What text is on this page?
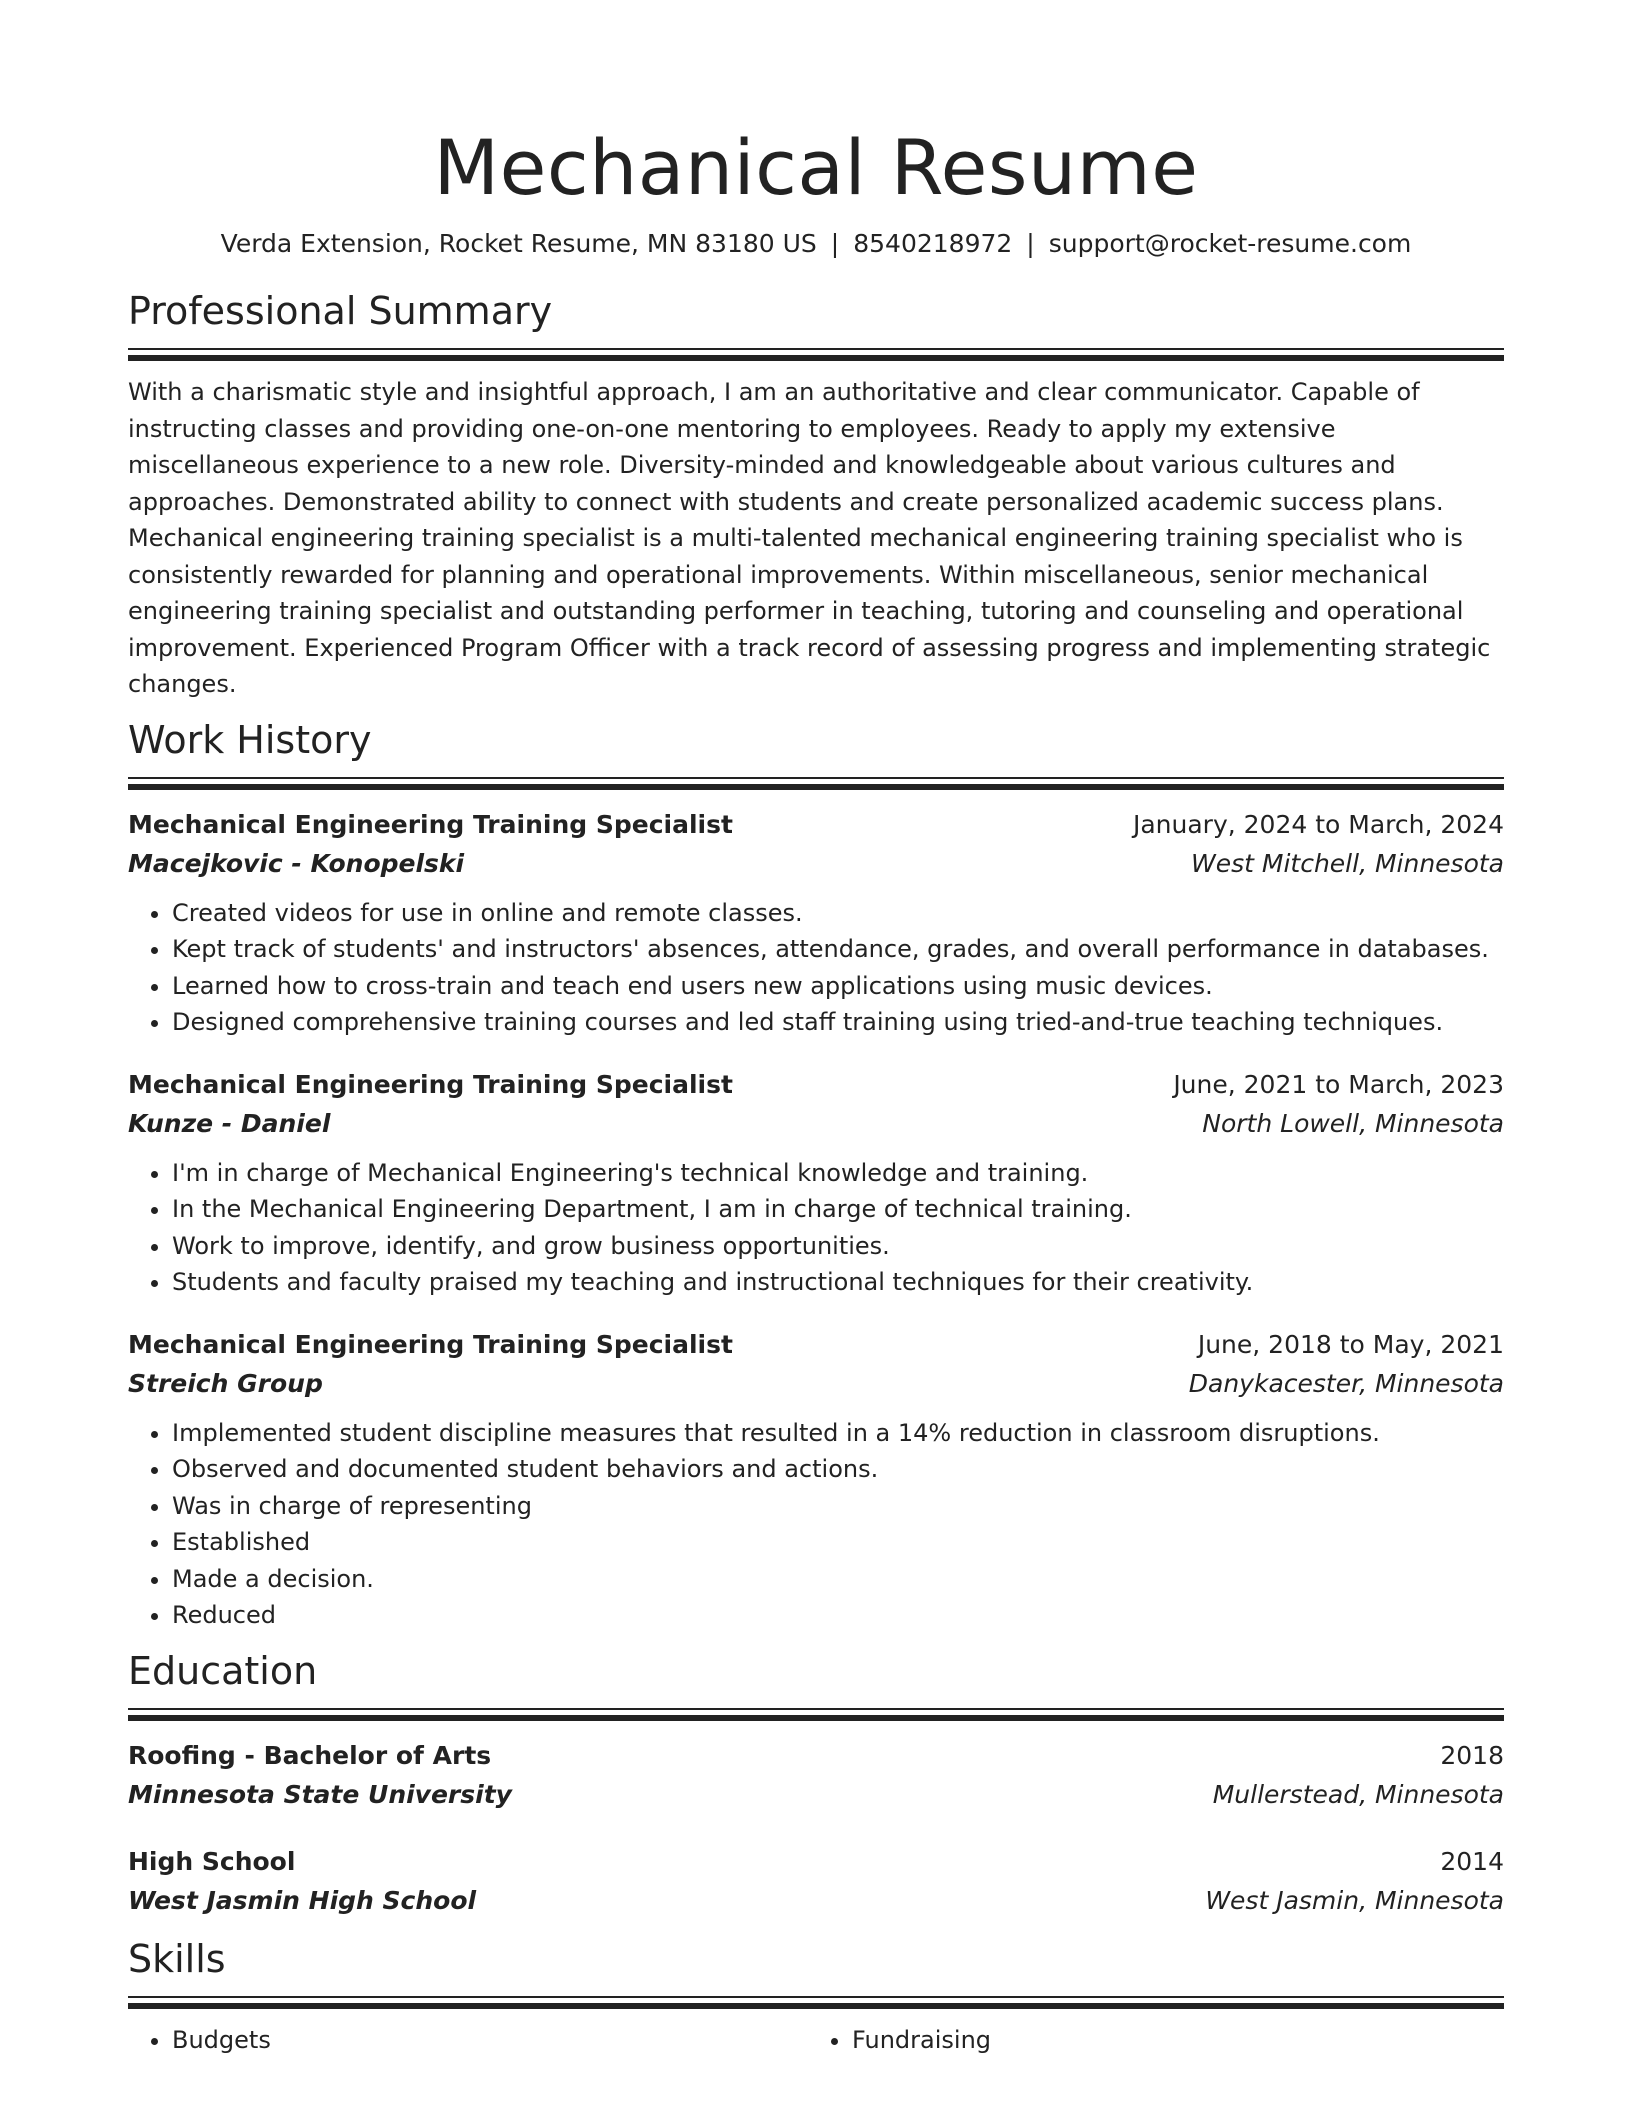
Mechanical Resume
Verda Extension, Rocket Resume, MN 83180 US | 8540218972 | support@rocket-resume.com
Professional Summary

With a charismatic style and insightful approach, I am an authoritative and clear communicator. Capable of instructing classes and providing one-on-one mentoring to employees. Ready to apply my extensive miscellaneous experience to a new role. Diversity-minded and knowledgeable about various cultures and approaches. Demonstrated ability to connect with students and create personalized academic success plans. Mechanical engineering training specialist is a multi-talented mechanical engineering training specialist who is consistently rewarded for planning and operational improvements. Within miscellaneous, senior mechanical engineering training specialist and outstanding performer in teaching, tutoring and counseling and operational improvement. Experienced Program Officer with a track record of assessing progress and implementing strategic changes.

Work History
Mechanical Engineering Training Specialist	January, 2024 to March, 2024
Macejkovic - Konopelski	West Mitchell, Minnesota
• Created videos for use in online and remote classes.
• Kept track of students' and instructors' absences, attendance, grades, and overall performance in databases.
• Learned how to cross-train and teach end users new applications using music devices.
• Designed comprehensive training courses and led staff training using tried-and-true teaching techniques.
Mechanical Engineering Training Specialist	June, 2021 to March, 2023
Kunze - Daniel	North Lowell, Minnesota
• I'm in charge of Mechanical Engineering's technical knowledge and training.
• In the Mechanical Engineering Department, I am in charge of technical training.
• Work to improve, identify, and grow business opportunities.
• Students and faculty praised my teaching and instructional techniques for their creativity.
Mechanical Engineering Training Specialist	June, 2018 to May, 2021
Streich Group	Danykacester, Minnesota
• Implemented student discipline measures that resulted in a 14% reduction in classroom disruptions.
• Observed and documented student behaviors and actions.
• Was in charge of representing
• Established
• Made a decision.
• Reduced
Education
Roofing - Bachelor of Arts	2018
Minnesota State University	Mullerstead, Minnesota
High School	2014
West Jasmin High School	West Jasmin, Minnesota
Skills
• Budgets
•	Fundraising
